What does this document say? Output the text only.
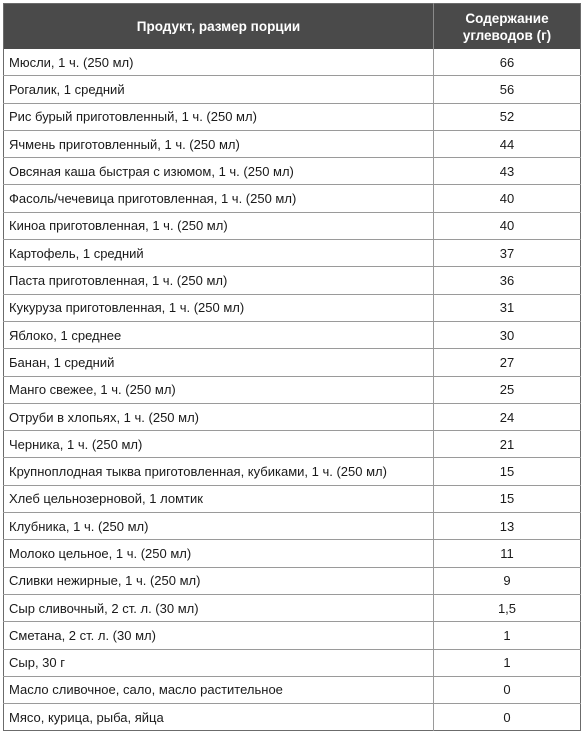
Продукт, размер порции	Содержание
углеводов (г)
Мюсли, 1 ч. (250 мл)	66
Рогалик, 1 средний	56
Рис бурый приготовленный, 1 ч. (250 мл)	52
Ячмень приготовленный, 1 ч. (250 мл)	44
Овсяная каша быстрая с изюмом, 1 ч. (250 мл)	43
Фасоль/чечевица приготовленная, 1 ч. (250 мл)	40
Киноа приготовленная, 1 ч. (250 мл)	40
Картофель, 1 средний	37
Паста приготовленная, 1 ч. (250 мл)	36
Кукуруза приготовленная, 1 ч. (250 мл)	31
Яблоко, 1 среднее	30
Банан, 1 средний	27
Манго свежее, 1 ч. (250 мл)	25
Отруби в хлопьях, 1 ч. (250 мл)	24
Черника, 1 ч. (250 мл)	21
Крупноплодная тыква приготовленная, кубиками, 1 ч. (250 мл)	15
Хлеб цельнозерновой, 1 ломтик	15
Клубника, 1 ч. (250 мл)	13
Молоко цельное, 1 ч. (250 мл)	11
Сливки нежирные, 1 ч. (250 мл)	9
Сыр сливочный, 2 ст. л. (30 мл)	1,5
Сметана, 2 ст. л. (30 мл)	1
Сыр, 30 г	1
Масло сливочное, сало, масло растительное	0
Мясо, курица, рыба, яйца	0
